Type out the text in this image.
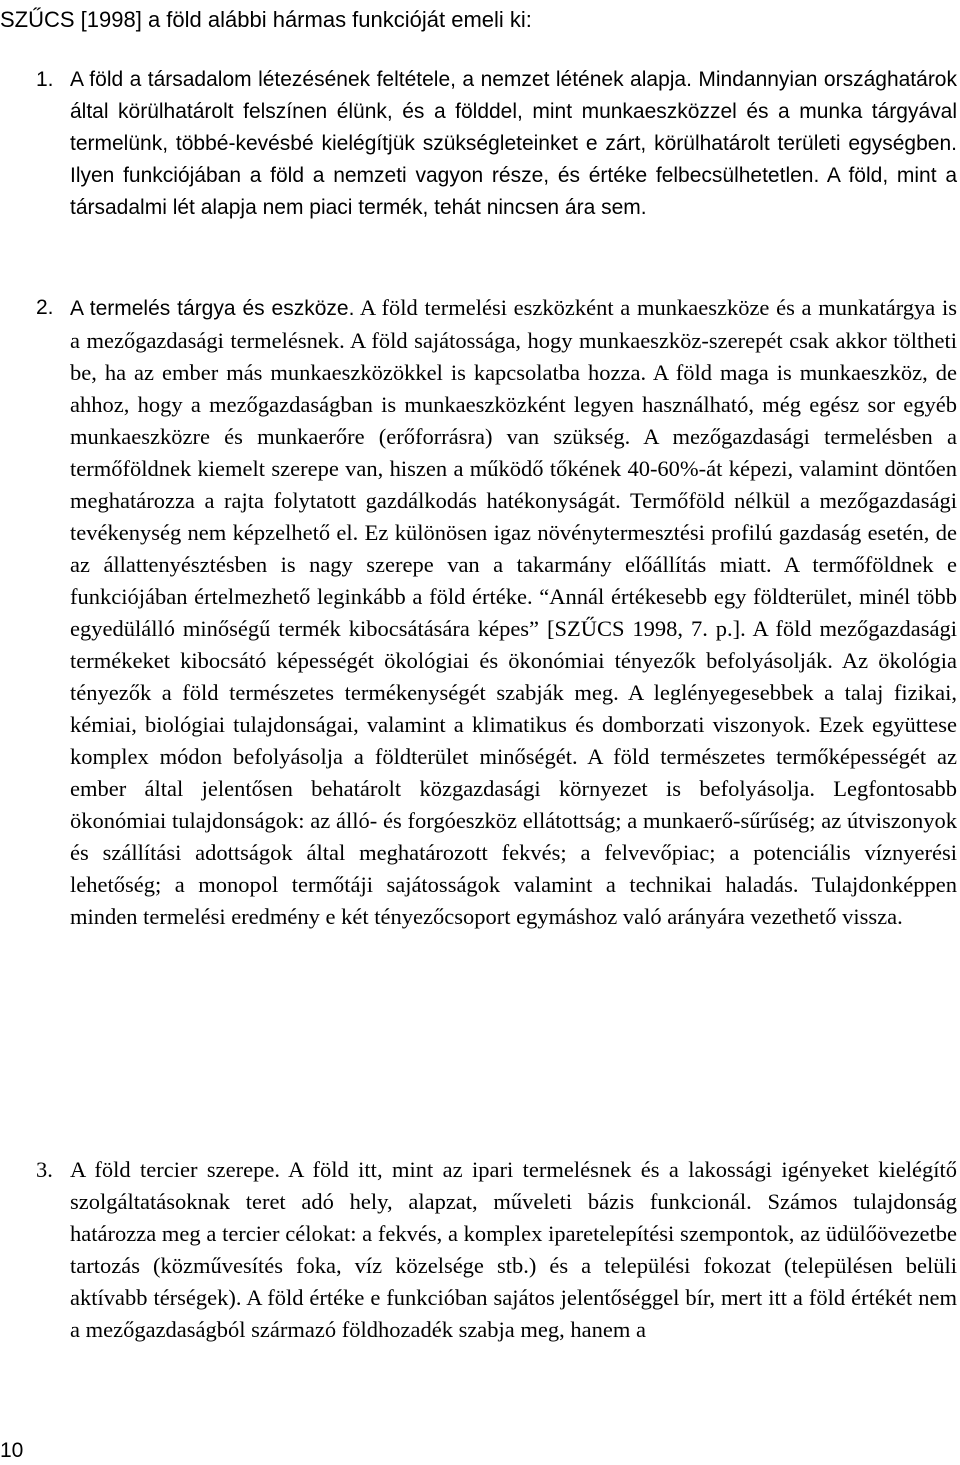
SZŰCS [1998] a föld alábbi hármas funkcióját emeli ki:
1. A föld a társadalom létezésének feltétele, a nemzet létének alapja. Mindannyian országhatárok által körülhatárolt felszínen élünk, és a földdel, mint munkaeszközzel és a munka tárgyával termelünk, többé-kevésbé kielégítjük szükségleteinket e zárt, körülhatárolt területi egységben. Ilyen funkciójában a föld a nemzeti vagyon része, és értéke felbecsülhetetlen. A föld, mint a társadalmi lét alapja nem piaci termék, tehát nincsen ára sem.
2. A termelés tárgya és eszköze. A föld termelési eszközként a munkaeszköze és a munkatárgya is a mezőgazdasági termelésnek. A föld sajátossága, hogy munkaeszköz-szerepét csak akkor töltheti be, ha az ember más munkaeszközökkel is kapcsolatba hozza. A föld maga is munkaeszköz, de ahhoz, hogy a mezőgazdaságban is munkaeszközként legyen használható, még egész sor egyéb munkaeszközre és munkaerőre (erőforrásra) van szükség. A mezőgazdasági termelésben a termőföldnek kiemelt szerepe van, hiszen a működő tőkének 40-60%-át képezi, valamint döntően meghatározza a rajta folytatott gazdálkodás hatékonyságát. Termőföld nélkül a mezőgazdasági tevékenység nem képzelhető el. Ez különösen igaz növénytermesztési profilú gazdaság esetén, de az állattenyésztésben is nagy szerepe van a takarmány előállítás miatt. A termőföldnek e funkciójában értelmezhető leginkább a föld értéke. “Annál értékesebb egy földterület, minél több egyedülálló minőségű termék kibocsátására képes” [SZŰCS 1998, 7. p.]. A föld mezőgazdasági termékeket kibocsátó képességét ökológiai és ökonómiai tényezők befolyásolják. Az ökológia tényezők a föld természetes termékenységét szabják meg. A leglényegesebbek a talaj fizikai, kémiai, biológiai tulajdonságai, valamint a klimatikus és domborzati viszonyok. Ezek együttese komplex módon befolyásolja a földterület minőségét. A föld természetes termőképességét az ember által jelentősen behatárolt közgazdasági környezet is befolyásolja. Legfontosabb ökonómiai tulajdonságok: az álló- és forgóeszköz ellátottság; a munkaerő-sűrűség; az útviszonyok és szállítási adottságok által meghatározott fekvés; a felvevőpiac; a potenciális víznyerési lehetőség; a monopol termőtáji sajátosságok valamint a technikai haladás. Tulajdonképpen minden termelési eredmény e két tényezőcsoport egymáshoz való arányára vezethető vissza.
3. A föld tercier szerepe. A föld itt, mint az ipari termelésnek és a lakossági igényeket kielégítő szolgáltatásoknak teret adó hely, alapzat, műveleti bázis funkcionál. Számos tulajdonság határozza meg a tercier célokat: a fekvés, a komplex iparetelepítési szempontok, az üdülőövezetbe tartozás (közművesítés foka, víz közelsége stb.) és a települési fokozat (településen belüli aktívabb térségek). A föld értéke e funkcióban sajátos jelentőséggel bír, mert itt a föld értékét nem a mezőgazdaságból származó földhozadék szabja meg, hanem a
10
